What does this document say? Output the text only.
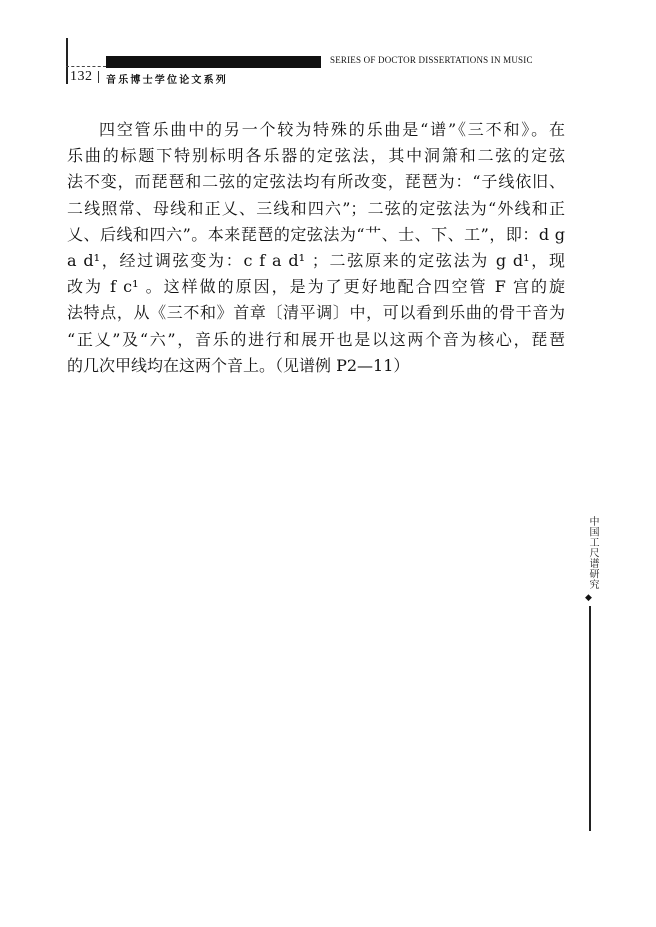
SERIES OF DOCTOR DISSERTATIONS IN MUSIC
132 音乐博士学位论文系列
四空管乐曲中的另一个较为特殊的乐曲是“谱”《三不和》。在
乐曲的标题下特别标明各乐器的定弦法，其中洞箫和二弦的定弦
法不变，而琵琶和二弦的定弦法均有所改变，琵琶为：“子线依旧、
二线照常、母线和正乂、三线和四六”；二弦的定弦法为“外线和正
乂、后线和四六”。本来琵琶的定弦法为“艹、士、下、工”，即：d g
a d¹，经过调弦变为：c f a d¹ ；二弦原来的定弦法为 g d¹，现
改为 f c¹ 。这样做的原因，是为了更好地配合四空管 F 宫的旋
法特点，从《三不和》首章〔清平调〕中，可以看到乐曲的骨干音为
“正乂”及“六”，音乐的进行和展开也是以这两个音为核心，琵琶
的几次甲线均在这两个音上。（见谱例 P2—11）
中国工尺谱研究
◆
